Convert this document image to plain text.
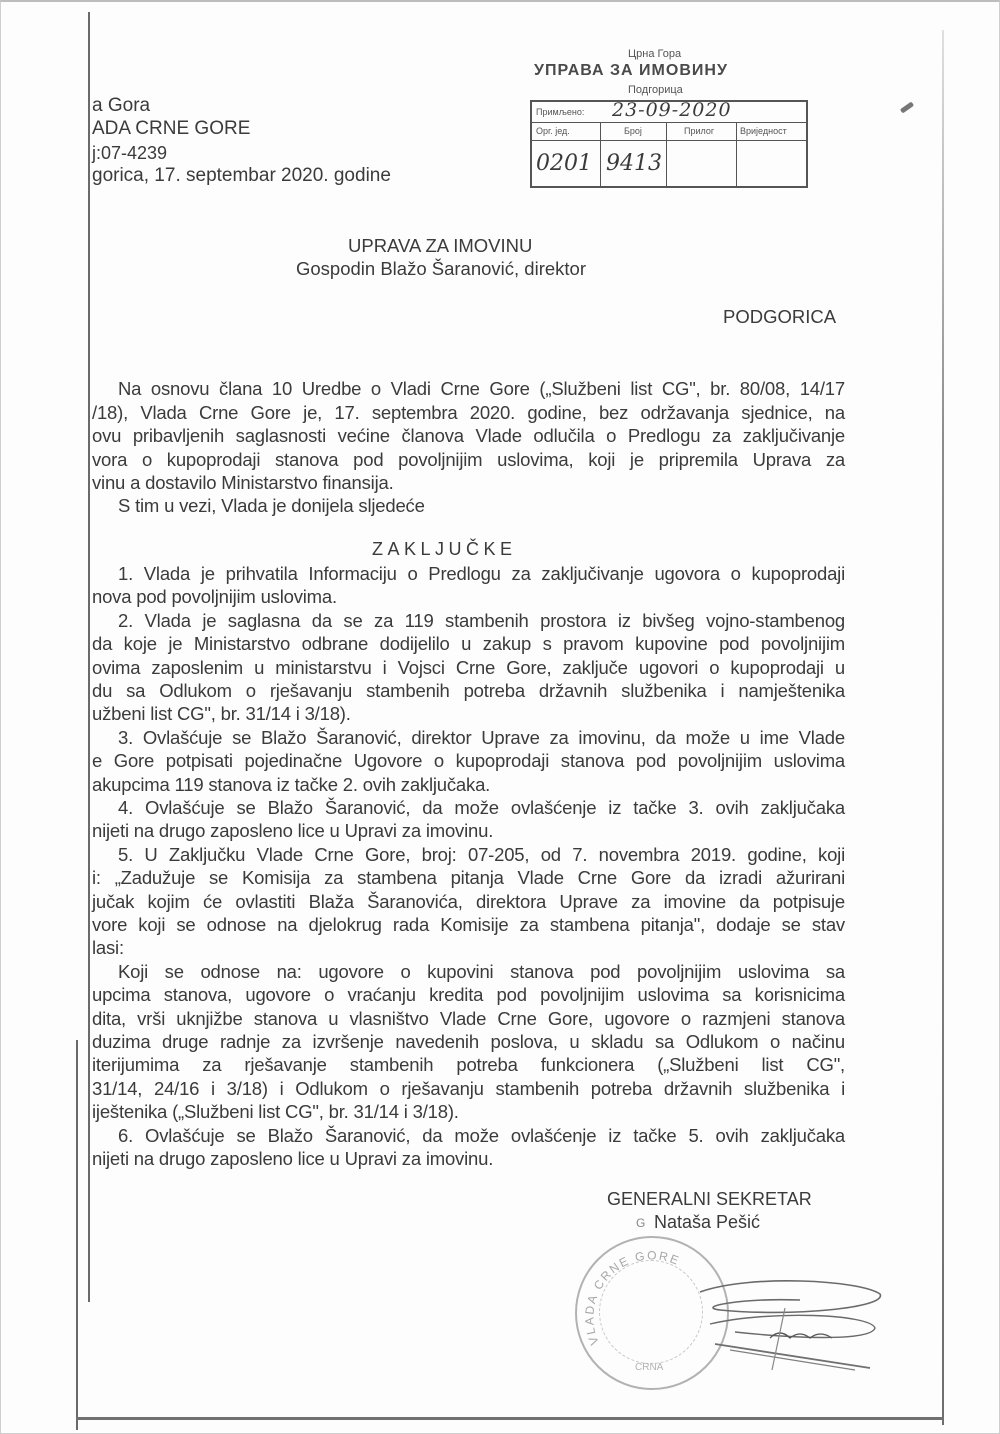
a Gora
ADA CRNE GORE
j:07-4239
gorica, 17. septembar 2020. godine
Црна Гора
УПРАВА ЗА ИМОВИНУ
Подгорица
Примљено: 23-09-2020
Орг. јед.	Број	Прилог	Вриједност
0201 9413
UPRAVA ZA IMOVINU
Gospodin Blažo Šaranović, direktor
PODGORICA
Na osnovu člana 10 Uredbe o Vladi Crne Gore („Službeni list CG", br. 80/08, 14/17
/18), Vlada Crne Gore je, 17. septembra 2020. godine, bez održavanja sjednice, na
ovu pribavljenih saglasnosti većine članova Vlade odlučila o Predlogu za zaključivanje
vora o kupoprodaji stanova pod povoljnijim uslovima, koji je pripremila Uprava za
vinu a dostavilo Ministarstvo finansija.
S tim u vezi, Vlada je donijela sljedeće
ZAKLJUČKE
1. Vlada je prihvatila Informaciju o Predlogu za zaključivanje ugovora o kupoprodaji
nova pod povoljnijim uslovima.
2. Vlada je saglasna da se za 119 stambenih prostora iz bivšeg vojno-stambenog
da koje je Ministarstvo odbrane dodijelilo u zakup s pravom kupovine pod povoljnijim
ovima zaposlenim u ministarstvu i Vojsci Crne Gore, zaključe ugovori o kupoprodaji u
du sa Odlukom o rješavanju stambenih potreba državnih službenika i namještenika
užbeni list CG", br. 31/14 i 3/18).
3. Ovlašćuje se Blažo Šaranović, direktor Uprave za imovinu, da može u ime Vlade
e Gore potpisati pojedinačne Ugovore o kupoprodaji stanova pod povoljnijim uslovima
akupcima 119 stanova iz tačke 2. ovih zaključaka.
4. Ovlašćuje se Blažo Šaranović, da može ovlašćenje iz tačke 3. ovih zaključaka
nijeti na drugo zaposleno lice u Upravi za imovinu.
5. U Zaključku Vlade Crne Gore, broj: 07-205, od 7. novembra 2019. godine, koji
i: „Zadužuje se Komisija za stambena pitanja Vlade Crne Gore da izradi ažurirani
jučak kojim će ovlastiti Blaža Šaranovića, direktora Uprave za imovine da potpisuje
vore koji se odnose na djelokrug rada Komisije za stambena pitanja", dodaje se stav
lasi:
Koji se odnose na: ugovore o kupovini stanova pod povoljnijim uslovima sa
upcima stanova, ugovore o vraćanju kredita pod povoljnijim uslovima sa korisnicima
dita, vrši uknjižbe stanova u vlasništvo Vlade Crne Gore, ugovore o razmjeni stanova
duzima druge radnje za izvršenje navedenih poslova, u skladu sa Odlukom o načinu
iterijumima za rješavanje stambenih potreba funkcionera („Službeni list CG",
31/14, 24/16 i 3/18) i Odlukom o rješavanju stambenih potreba državnih službenika i
iještenika („Službeni list CG", br. 31/14 i 3/18).
6. Ovlašćuje se Blažo Šaranović, da može ovlašćenje iz tačke 5. ovih zaključaka
nijeti na drugo zaposleno lice u Upravi za imovinu.
GENERALNI SEKRETAR
G Nataša Pešić
VLADA CRNE GORE
CRNA
